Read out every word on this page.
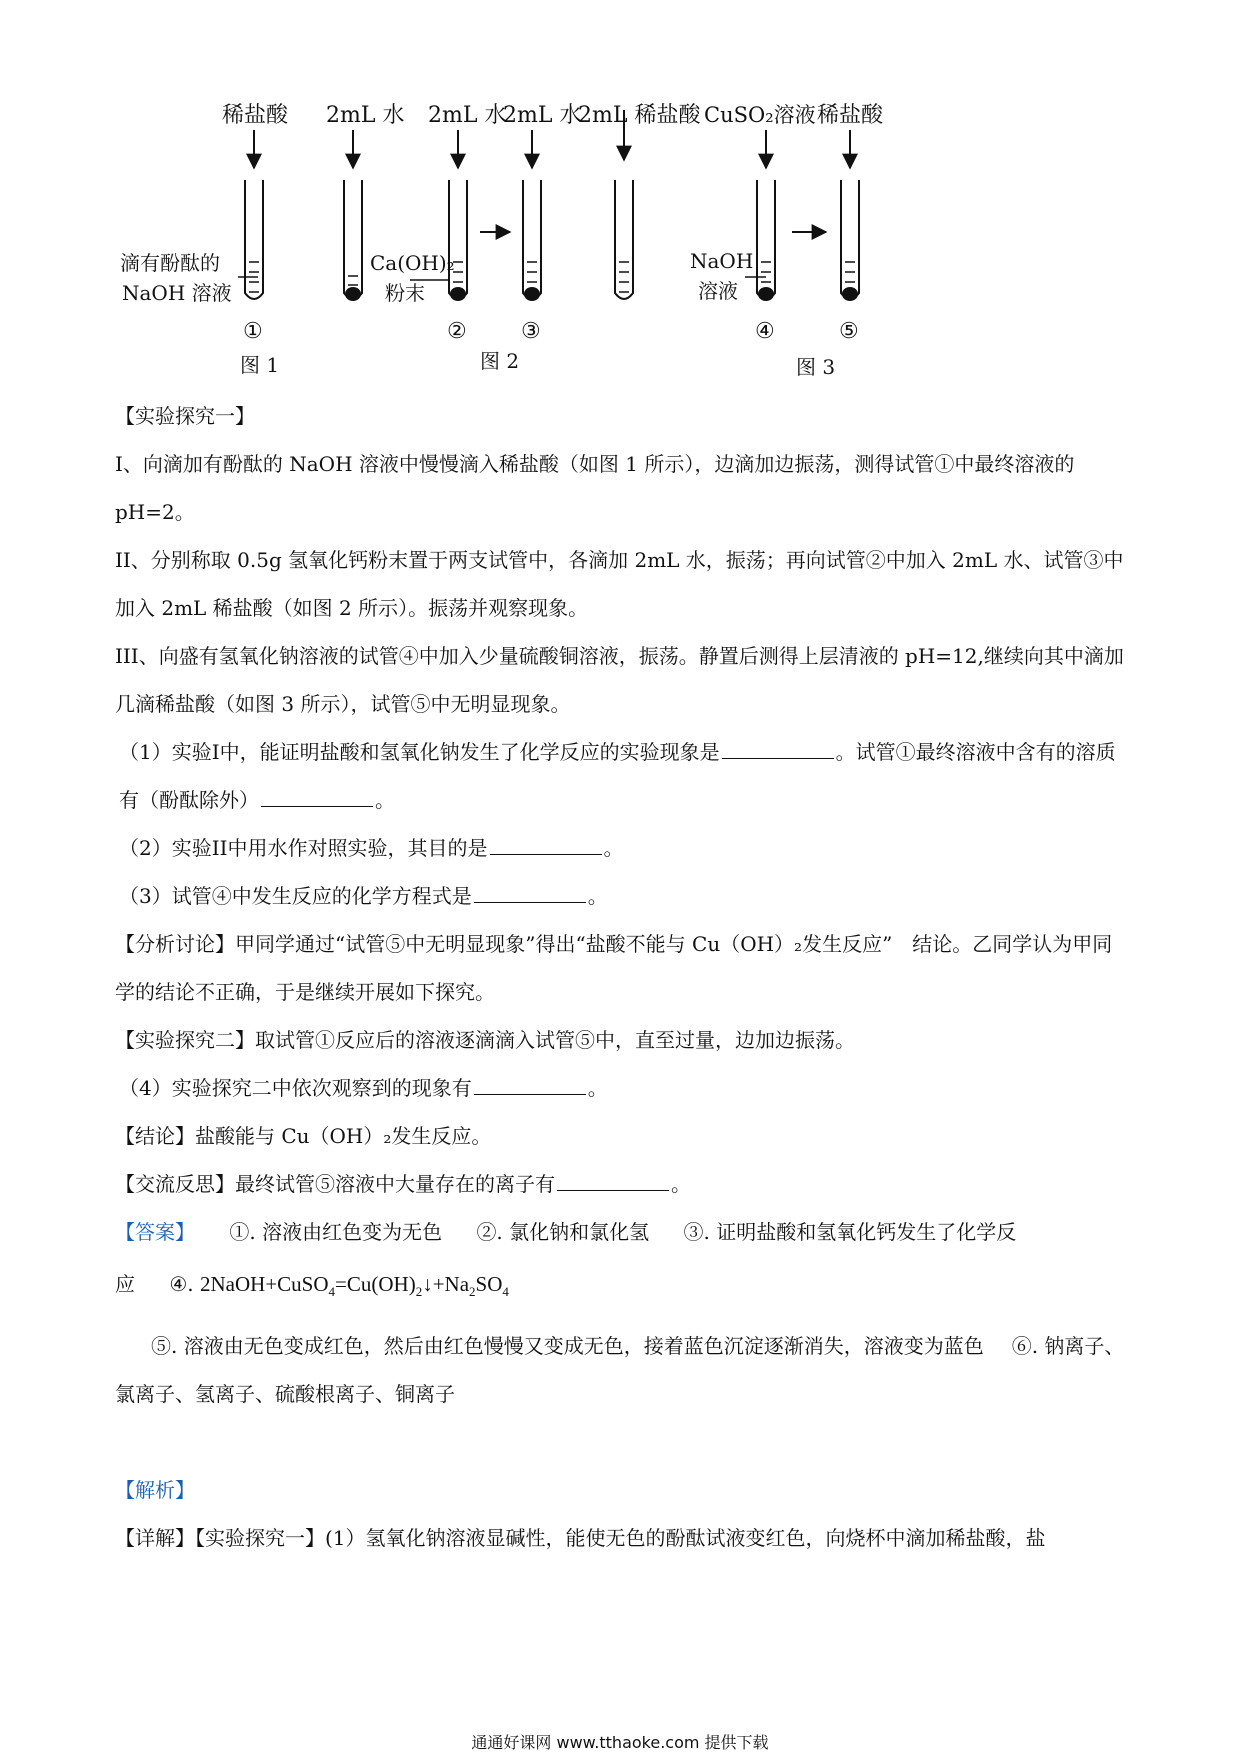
稀盐酸 2mL 水 2mL 水
2mL 水
2mL 稀盐酸 CuSO₂溶液 稀盐酸
滴有酚酞的
NaOH 溶液
Ca(OH)₂
粉末
NaOH
溶液
①	② ③	④	⑤
图 1	图 2	图 3

【实验探究一】

I、向滴加有酚酞的 NaOH 溶液中慢慢滴入稀盐酸（如图 1 所示），边滴加边振荡，测得试管①中最终溶液的 pH=2。

II、分别称取 0.5g 氢氧化钙粉末置于两支试管中，各滴加 2mL 水，振荡；再向试管②中加入 2mL 水、试管③中加入 2mL 稀盐酸（如图 2 所示）。振荡并观察现象。

III、向盛有氢氧化钠溶液的试管④中加入少量硫酸铜溶液，振荡。静置后测得上层清液的 pH=12,继续向其中滴加几滴稀盐酸（如图 3 所示），试管⑤中无明显现象。

（1）实验I中，能证明盐酸和氢氧化钠发生了化学反应的实验现象是	。试管①最终溶液中含有的溶质有（酚酞除外）	。

（2）实验II中用水作对照实验，其目的是	。

（3）试管④中发生反应的化学方程式是	。

【分析讨论】甲同学通过“试管⑤中无明显现象”得出“盐酸不能与 Cu（OH）₂发生反应”　结论。乙同学认为甲同学的结论不正确，于是继续开展如下探究。

【实验探究二】取试管①反应后的溶液逐滴滴入试管⑤中，直至过量，边加边振荡。

（4）实验探究二中依次观察到的现象有	。

【结论】盐酸能与 Cu（OH）₂发生反应。

【交流反思】最终试管⑤溶液中大量存在的离子有	。

【答案】 ①. 溶液由红色变为无色 ②. 氯化钠和氯化氢 ③. 证明盐酸和氢氧化钙发生了化学反

应 ④. $2NaOH+CuSO_4=Cu(OH)_2↓+Na_2SO_4$

⑤. 溶液由无色变成红色，然后由红色慢慢又变成无色，接着蓝色沉淀逐渐消失，溶液变为蓝色 ⑥. 钠离子、氯离子、氢离子、硫酸根离子、铜离子

【解析】

【详解】【实验探究一】(1）氢氧化钠溶液显碱性，能使无色的酚酞试液变红色，向烧杯中滴加稀盐酸，盐

通通好课网 www.tthaoke.com 提供下载
